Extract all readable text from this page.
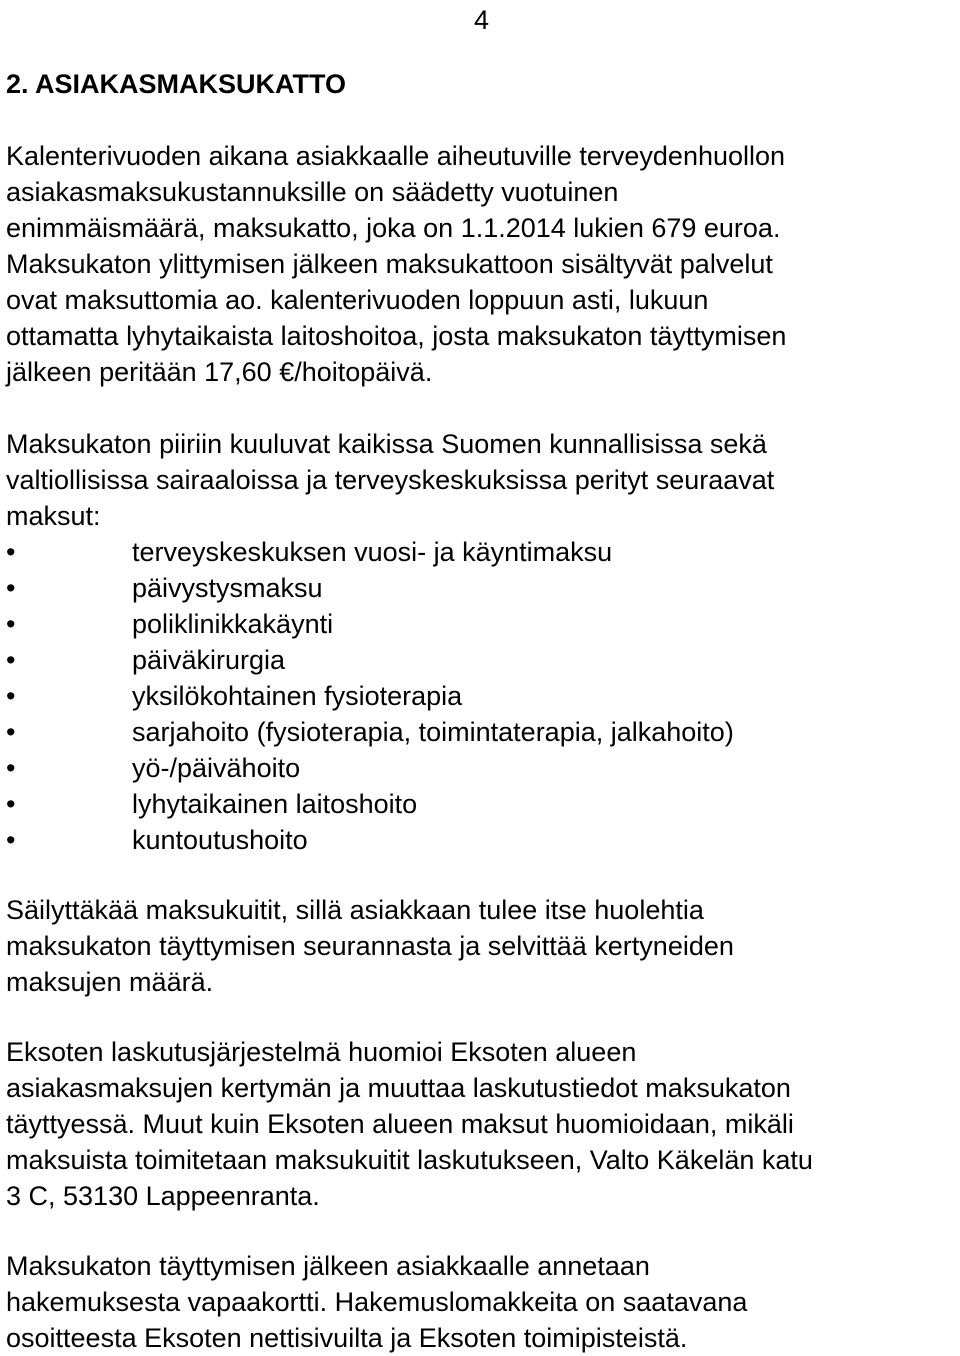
4
2. ASIAKASMAKSUKATTO

Kalenterivuoden aikana asiakkaalle aiheutuville terveydenhuollon
asiakasmaksukustannuksille on säädetty vuotuinen
enimmäismäärä, maksukatto, joka on 1.1.2014 lukien 679 euroa.
Maksukaton ylittymisen jälkeen maksukattoon sisältyvät palvelut
ovat maksuttomia ao. kalenterivuoden loppuun asti, lukuun
ottamatta lyhytaikaista laitoshoitoa, josta maksukaton täyttymisen
jälkeen peritään 17,60 €/hoitopäivä.

Maksukaton piiriin kuuluvat kaikissa Suomen kunnallisissa sekä
valtiollisissa sairaaloissa ja terveyskeskuksissa perityt seuraavat
maksut:

•	terveyskeskuksen vuosi- ja käyntimaksu
•	päivystysmaksu
•	poliklinikkakäynti
•	päiväkirurgia
•	yksilökohtainen fysioterapia
•	sarjahoito (fysioterapia, toimintaterapia, jalkahoito)
•	yö-/päivähoito
•	lyhytaikainen laitoshoito
•	kuntoutushoito

Säilyttäkää maksukuitit, sillä asiakkaan tulee itse huolehtia
maksukaton täyttymisen seurannasta ja selvittää kertyneiden
maksujen määrä.

Eksoten laskutusjärjestelmä huomioi Eksoten alueen
asiakasmaksujen kertymän ja muuttaa laskutustiedot maksukaton
täyttyessä. Muut kuin Eksoten alueen maksut huomioidaan, mikäli
maksuista toimitetaan maksukuitit laskutukseen, Valto Käkelän katu
3 C, 53130 Lappeenranta.

Maksukaton täyttymisen jälkeen asiakkaalle annetaan
hakemuksesta vapaakortti. Hakemuslomakkeita on saatavana
osoitteesta Eksoten nettisivuilta ja Eksoten toimipisteistä.
